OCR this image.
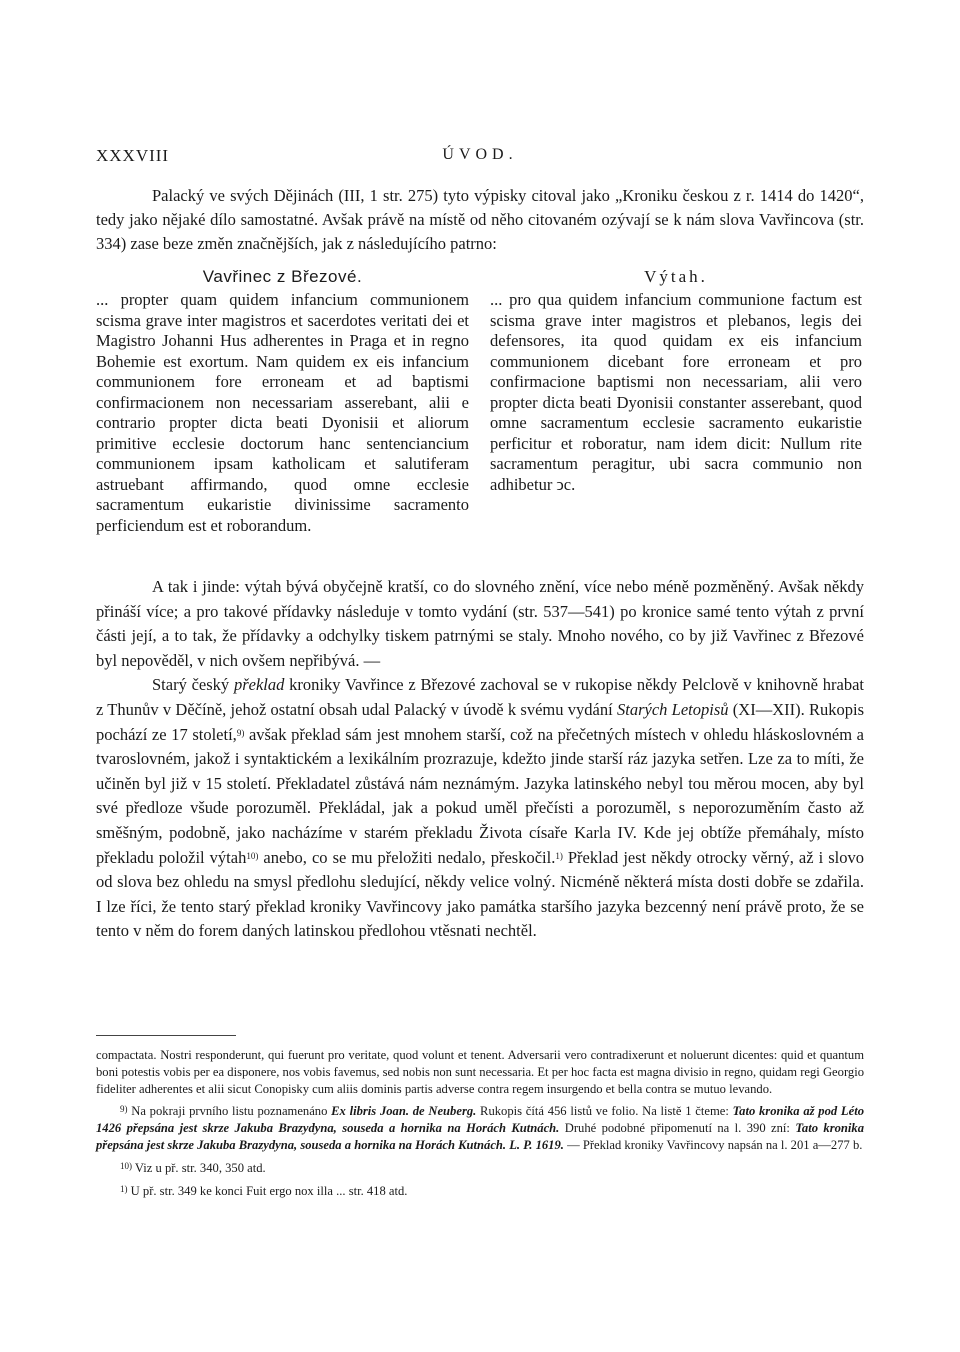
XXXVIII	ÚVOD.

Palacký ve svých Dějinách (III, 1 str. 275) tyto výpisky citoval jako „Kroniku českou z r. 1414 do 1420“, tedy jako nějaké dílo samostatné. Avšak právě na místě od něho citovaném ozývají se k nám slova Vavřincova (str. 334) zase beze změn značnějších, jak z následujícího patrno:

Vavřinec z Březové.

... propter quam quidem infancium communionem scisma grave inter magistros et sacerdotes veritati dei et Magistro Johanni Hus adherentes in Praga et in regno Bohemie est exortum. Nam quidem ex eis infancium communionem fore erroneam et ad baptismi confirmacionem non necessariam asserebant, alii e contrario propter dicta beati Dyonisii et aliorum primitive ecclesie doctorum hanc sentenciancium communionem ipsam katholicam et salutiferam astruebant affirmando, quod omne ecclesie sacramentum eukaristie divinissime sacramento perficiendum est et roborandum.

Výtah.

... pro qua quidem infancium communione factum est scisma grave inter magistros et plebanos, legis dei defensores, ita quod quidam ex eis infancium communionem dicebant fore erroneam et pro confirmacione baptismi non necessariam, alii vero propter dicta beati Dyonisii constanter asserebant, quod omne sacramentum ecclesie sacramento eukaristie perficitur et roboratur, nam idem dicit: Nullum rite sacramentum peragitur, ubi sacra communio non adhibetur ↄc.

A tak i jinde: výtah bývá obyčejně kratší, co do slovného znění, více nebo méně pozměněný. Avšak někdy přináší více; a pro takové přídavky následuje v tomto vydání (str. 537—541) po kronice samé tento výtah z první části její, a to tak, že přídavky a odchylky tiskem patrnými se staly. Mnoho nového, co by již Vavřinec z Březové byl nepověděl, v nich ovšem nepřibývá. —

Starý český překlad kroniky Vavřince z Březové zachoval se v rukopise někdy Pelclově v knihovně hrabat z Thunův v Děčíně, jehož ostatní obsah udal Palacký v úvodě k svému vydání Starých Letopisů (XI—XII). Rukopis pochází ze 17 století,$^{9)}$ avšak překlad sám jest mnohem starší, což na přečetných místech v ohledu hláskoslovném a tvaroslovném, jakož i syntaktickém a lexikálním prozrazuje, kdežto jinde starší ráz jazyka setřen. Lze za to míti, že učiněn byl již v 15 století. Překladatel zůstává nám neznámým. Jazyka latinského nebyl tou měrou mocen, aby byl své předloze všude porozuměl. Překládal, jak a pokud uměl přečísti a porozuměl, s neporozuměním často až směšným, podobně, jako nacházíme v starém překladu Života císaře Karla IV. Kde jej obtíže přemáhaly, místo překladu položil výtah$^{10)}$ anebo, co se mu přeložiti nedalo, přeskočil.$^{1)}$ Překlad jest někdy otrocky věrný, až i slovo od slova bez ohledu na smysl předlohu sledující, někdy velice volný. Nicméně některá místa dosti dobře se zdařila. I lze říci, že tento starý překlad kroniky Vavřincovy jako památka staršího jazyka bezcenný není právě proto, že se tento v něm do forem daných latinskou předlohou vtěsnati nechtěl.

compactata. Nostri responderunt, qui fuerunt pro veritate, quod volunt et tenent. Adversarii vero contradixerunt et noluerunt dicentes: quid et quantum boni potestis vobis per ea disponere, nos vobis favemus, sed nobis non sunt necessaria. Et per hoc facta est magna divisio in regno, quidam regi Georgio fideliter adherentes et alii sicut Conopisky cum aliis dominis partis adverse contra regem insurgendo et bella contra se mutuo levando.

$^{9)}$ Na pokraji prvního listu poznamenáno Ex libris Joan. de Neuberg. Rukopis čítá 456 listů ve folio. Na listě 1 čteme: Tato kronika až pod Léto 1426 přepsána jest skrze Jakuba Brazydyna, souseda a hornika na Horách Kutnách. Druhé podobné připomenutí na l. 390 zní: Tato kronika přepsána jest skrze Jakuba Brazydyna, souseda a hornika na Horách Kutnách. L. P. 1619. — Překlad kroniky Vavřincovy napsán na l. 201 a—277 b.

$^{10)}$ Viz u př. str. 340, 350 atd.

$^{1)}$ U př. str. 349 ke konci Fuit ergo nox illa ... str. 418 atd.
